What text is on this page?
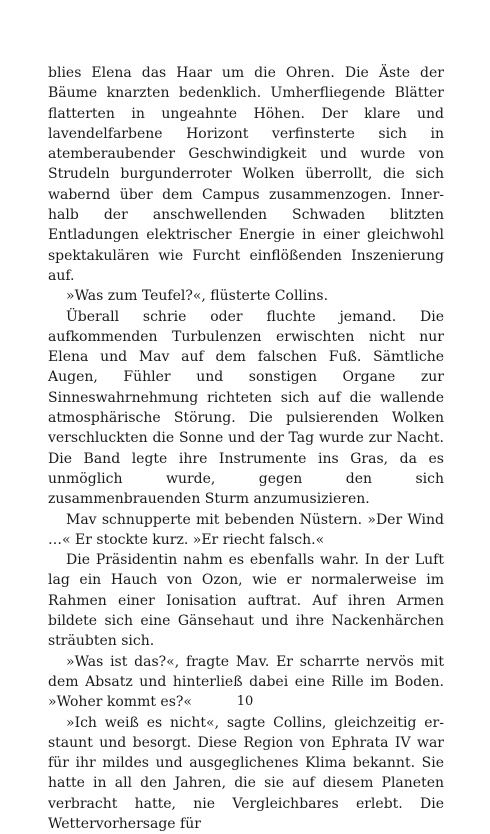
blies Elena das Haar um die Ohren. Die Äste der Bäume knarzten bedenklich. Umherfliegende Blätter flatterten in ungeahnte Höhen. Der klare und lavendelfarbene Horizont verfinsterte sich in atemberaubender Geschwindigkeit und wurde von Strudeln burgunderroter Wolken überrollt, die sich wabernd über dem Campus zusammenzogen. Innerhalb der anschwellenden Schwaden blitzten Entladungen elektrischer Energie in einer gleichwohl spektakulären wie Furcht einflößenden Inszenierung auf.

»Was zum Teufel?«, flüsterte Collins.

Überall schrie oder fluchte jemand. Die aufkommenden Turbulenzen erwischten nicht nur Elena und Mav auf dem falschen Fuß. Sämtliche Augen, Fühler und sonstigen Organe zur Sinneswahrnehmung richteten sich auf die wallende atmosphärische Störung. Die pulsierenden Wolken verschluckten die Sonne und der Tag wurde zur Nacht. Die Band legte ihre Instrumente ins Gras, da es unmöglich wurde, gegen den sich zusammenbrauenden Sturm anzumusizieren.

Mav schnupperte mit bebenden Nüstern. »Der Wind …« Er stockte kurz. »Er riecht falsch.«

Die Präsidentin nahm es ebenfalls wahr. In der Luft lag ein Hauch von Ozon, wie er normalerweise im Rahmen einer Ionisation auftrat. Auf ihren Armen bildete sich eine Gänsehaut und ihre Nackenhärchen sträubten sich.

»Was ist das?«, fragte Mav. Er scharrte nervös mit dem Absatz und hinterließ dabei eine Rille im Boden. »Woher kommt es?«

»Ich weiß es nicht«, sagte Collins, gleichzeitig erstaunt und besorgt. Diese Region von Ephrata IV war für ihr mildes und ausgeglichenes Klima bekannt. Sie hatte in all den Jahren, die sie auf diesem Planeten verbracht hatte, nie Vergleichbares erlebt. Die Wettervorhersage für

10
